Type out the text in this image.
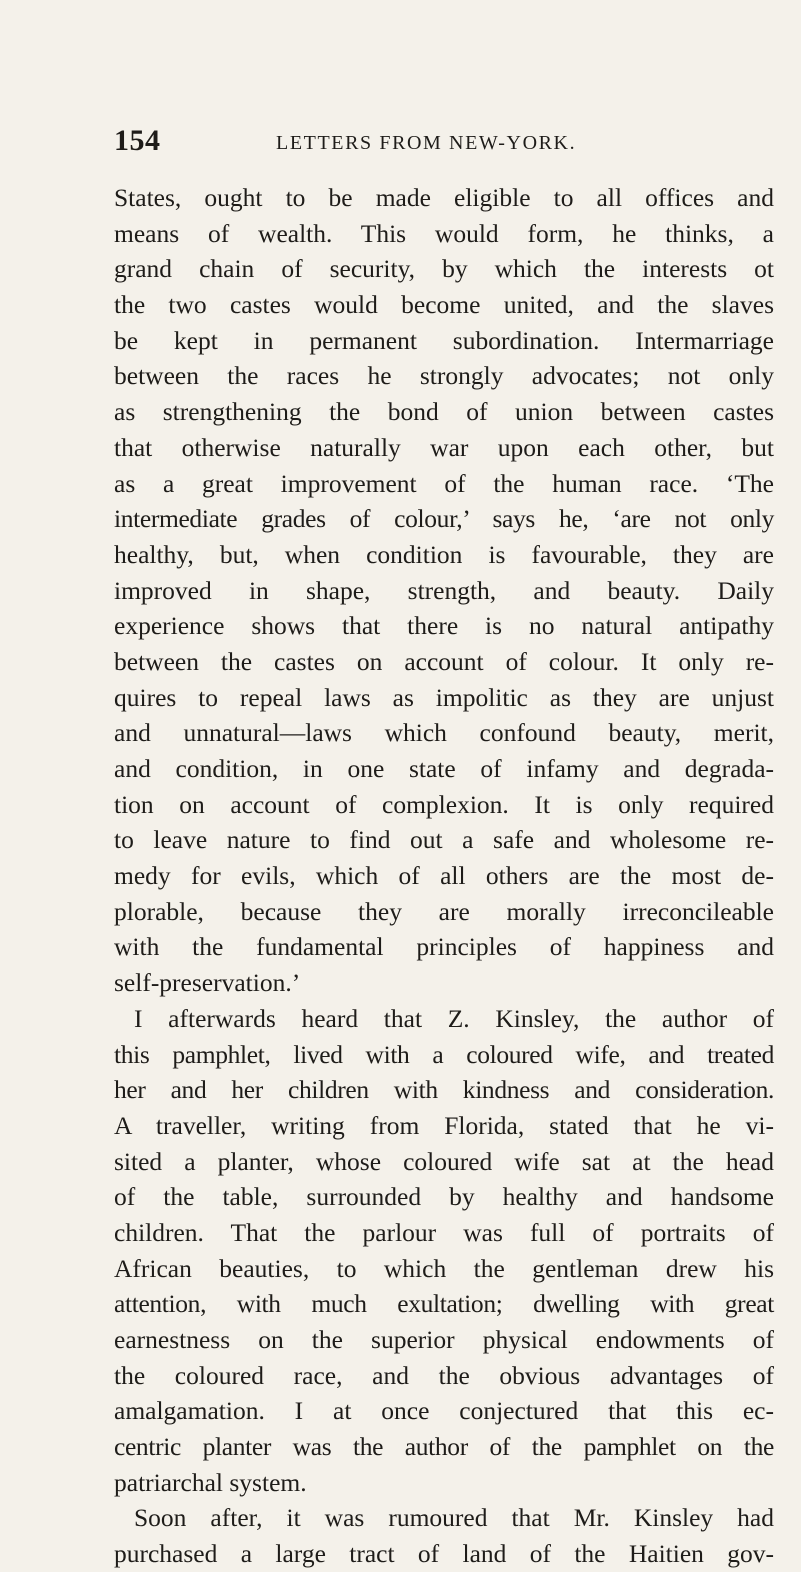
154	LETTERS FROM NEW-YORK.
States, ought to be made eligible to all offices and
means of wealth. This would form, he thinks, a
grand chain of security, by which the interests ot
the two castes would become united, and the slaves
be kept in permanent subordination. Intermarriage
between the races he strongly advocates; not only
as strengthening the bond of union between castes
that otherwise naturally war upon each other, but
as a great improvement of the human race. ‘The
intermediate grades of colour,’ says he, ‘are not only
healthy, but, when condition is favourable, they are
improved in shape, strength, and beauty. Daily
experience shows that there is no natural antipathy
between the castes on account of colour. It only re-
quires to repeal laws as impolitic as they are unjust
and unnatural—laws which confound beauty, merit,
and condition, in one state of infamy and degrada-
tion on account of complexion. It is only required
to leave nature to find out a safe and wholesome re-
medy for evils, which of all others are the most de-
plorable, because they are morally irreconcileable
with the fundamental principles of happiness and
self-preservation.’
I afterwards heard that Z. Kinsley, the author of
this pamphlet, lived with a coloured wife, and treated
her and her children with kindness and consideration.
A traveller, writing from Florida, stated that he vi-
sited a planter, whose coloured wife sat at the head
of the table, surrounded by healthy and handsome
children. That the parlour was full of portraits of
African beauties, to which the gentleman drew his
attention, with much exultation; dwelling with great
earnestness on the superior physical endowments of
the coloured race, and the obvious advantages of
amalgamation. I at once conjectured that this ec-
centric planter was the author of the pamphlet on the
patriarchal system.
Soon after, it was rumoured that Mr. Kinsley had
purchased a large tract of land of the Haitien gov-
